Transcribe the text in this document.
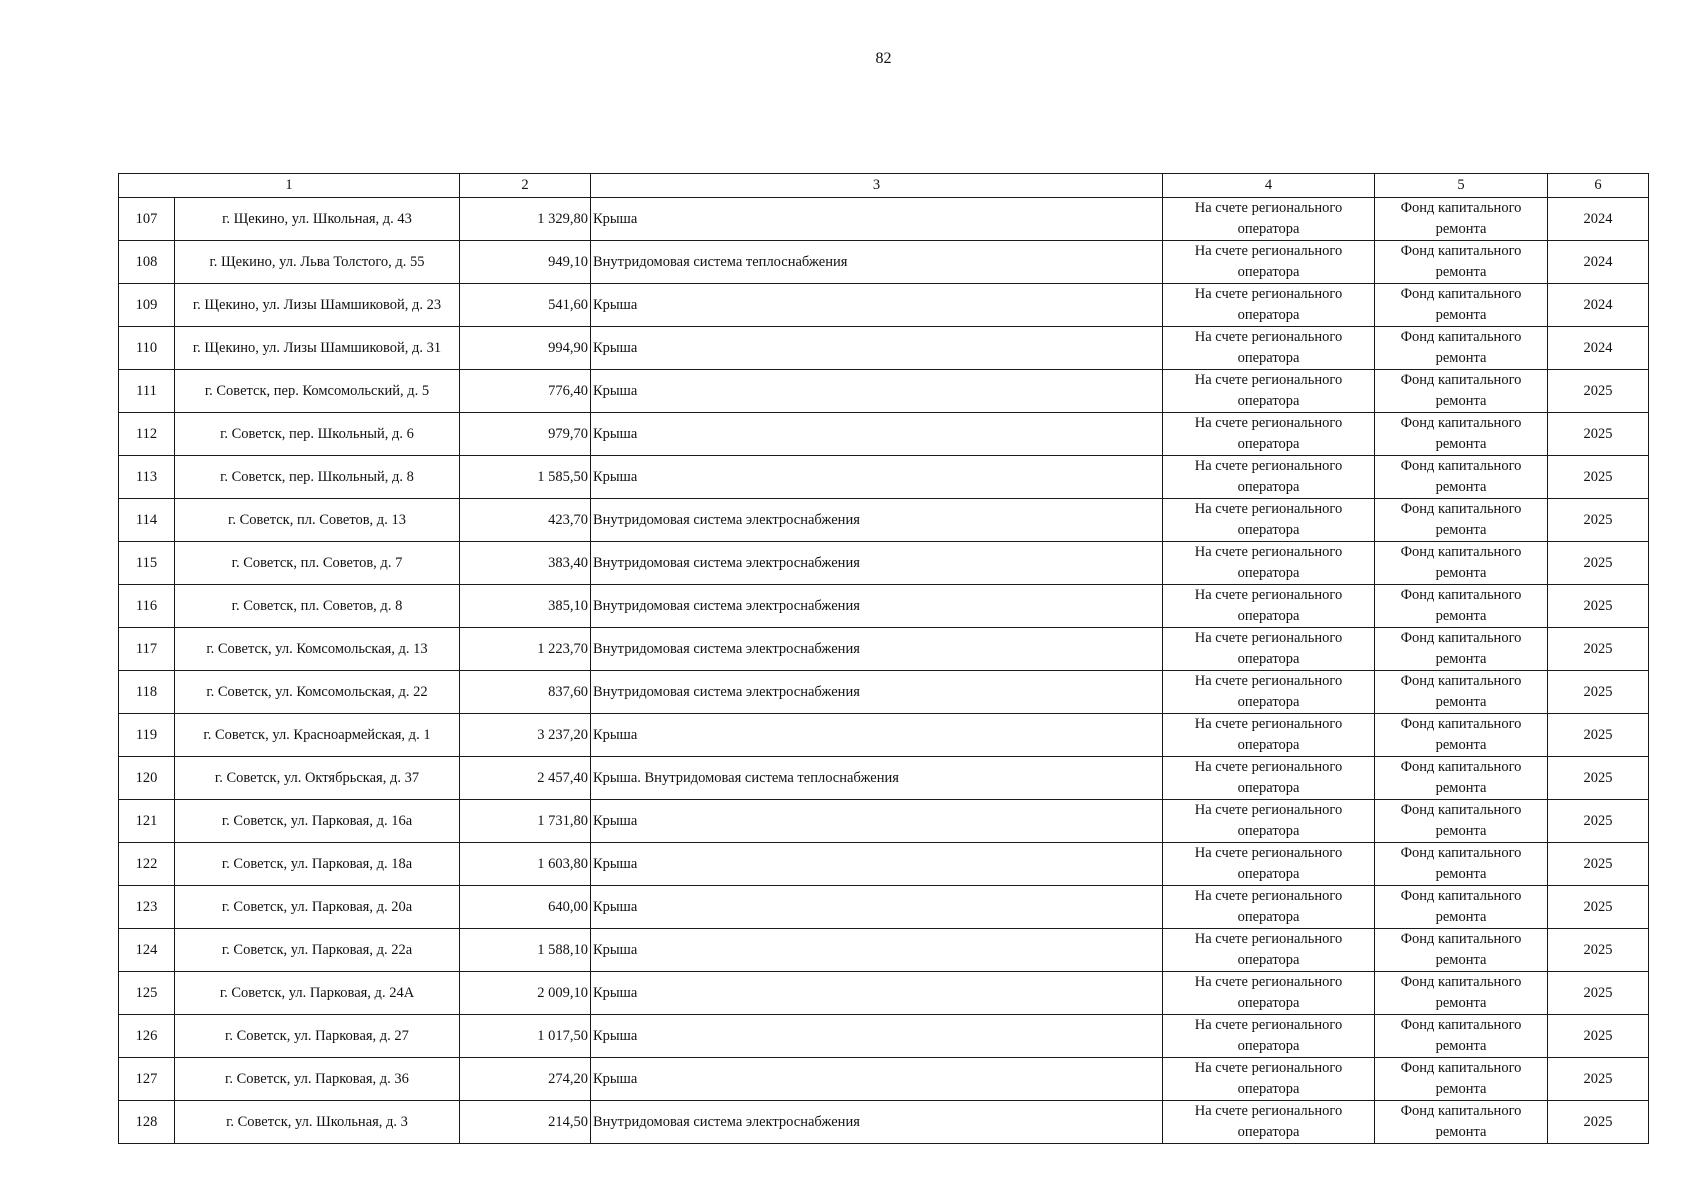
82
1		2	3	4	5	6
107	г. Щекино, ул. Школьная, д. 43	1 329,80	Крыша	На счете регионального оператора	Фонд капитального ремонта	2024
108	г. Щекино, ул. Льва Толстого, д. 55	949,10	Внутридомовая система теплоснабжения	На счете регионального оператора	Фонд капитального ремонта	2024
109	г. Щекино, ул. Лизы Шамшиковой, д. 23	541,60	Крыша	На счете регионального оператора	Фонд капитального ремонта	2024
110	г. Щекино, ул. Лизы Шамшиковой, д. 31	994,90	Крыша	На счете регионального оператора	Фонд капитального ремонта	2024
111	г. Советск, пер. Комсомольский, д. 5	776,40	Крыша	На счете регионального оператора	Фонд капитального ремонта	2025
112	г. Советск, пер. Школьный, д. 6	979,70	Крыша	На счете регионального оператора	Фонд капитального ремонта	2025
113	г. Советск, пер. Школьный, д. 8	1 585,50	Крыша	На счете регионального оператора	Фонд капитального ремонта	2025
114	г. Советск, пл. Советов, д. 13	423,70	Внутридомовая система электроснабжения	На счете регионального оператора	Фонд капитального ремонта	2025
115	г. Советск, пл. Советов, д. 7	383,40	Внутридомовая система электроснабжения	На счете регионального оператора	Фонд капитального ремонта	2025
116	г. Советск, пл. Советов, д. 8	385,10	Внутридомовая система электроснабжения	На счете регионального оператора	Фонд капитального ремонта	2025
117	г. Советск, ул. Комсомольская, д. 13	1 223,70	Внутридомовая система электроснабжения	На счете регионального оператора	Фонд капитального ремонта	2025
118	г. Советск, ул. Комсомольская, д. 22	837,60	Внутридомовая система электроснабжения	На счете регионального оператора	Фонд капитального ремонта	2025
119	г. Советск, ул. Красноармейская, д. 1	3 237,20	Крыша	На счете регионального оператора	Фонд капитального ремонта	2025
120	г. Советск, ул. Октябрьская, д. 37	2 457,40	Крыша. Внутридомовая система теплоснабжения	На счете регионального оператора	Фонд капитального ремонта	2025
121	г. Советск, ул. Парковая, д. 16а	1 731,80	Крыша	На счете регионального оператора	Фонд капитального ремонта	2025
122	г. Советск, ул. Парковая, д. 18а	1 603,80	Крыша	На счете регионального оператора	Фонд капитального ремонта	2025
123	г. Советск, ул. Парковая, д. 20а	640,00	Крыша	На счете регионального оператора	Фонд капитального ремонта	2025
124	г. Советск, ул. Парковая, д. 22а	1 588,10	Крыша	На счете регионального оператора	Фонд капитального ремонта	2025
125	г. Советск, ул. Парковая, д. 24А	2 009,10	Крыша	На счете регионального оператора	Фонд капитального ремонта	2025
126	г. Советск, ул. Парковая, д. 27	1 017,50	Крыша	На счете регионального оператора	Фонд капитального ремонта	2025
127	г. Советск, ул. Парковая, д. 36	274,20	Крыша	На счете регионального оператора	Фонд капитального ремонта	2025
128	г. Советск, ул. Школьная, д. 3	214,50	Внутридомовая система электроснабжения	На счете регионального оператора	Фонд капитального ремонта	2025
